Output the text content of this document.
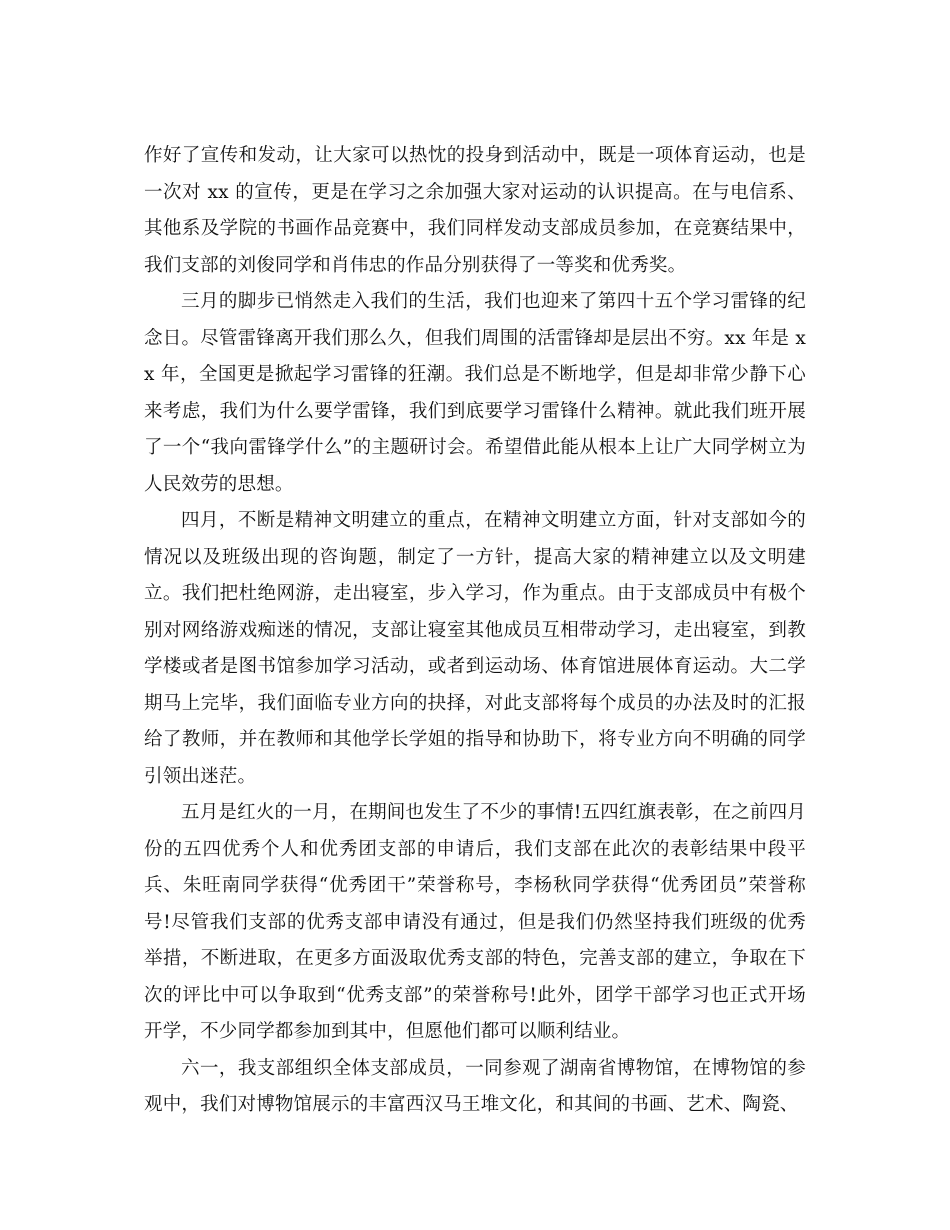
作好了宣传和发动，让大家可以热忱的投身到活动中，既是一项体育运动，也是一次对 xx 的宣传，更是在学习之余加强大家对运动的认识提高。在与电信系、其他系及学院的书画作品竞赛中，我们同样发动支部成员参加，在竞赛结果中，我们支部的刘俊同学和肖伟忠的作品分别获得了一等奖和优秀奖。

三月的脚步已悄然走入我们的生活，我们也迎来了第四十五个学习雷锋的纪念日。尽管雷锋离开我们那么久，但我们周围的活雷锋却是层出不穷。xx 年是 xx 年，全国更是掀起学习雷锋的狂潮。我们总是不断地学，但是却非常少静下心来考虑，我们为什么要学雷锋，我们到底要学习雷锋什么精神。就此我们班开展了一个“我向雷锋学什么”的主题研讨会。希望借此能从根本上让广大同学树立为人民效劳的思想。

四月，不断是精神文明建立的重点，在精神文明建立方面，针对支部如今的情况以及班级出现的咨询题，制定了一方针，提高大家的精神建立以及文明建立。我们把杜绝网游，走出寝室，步入学习，作为重点。由于支部成员中有极个别对网络游戏痴迷的情况，支部让寝室其他成员互相带动学习，走出寝室，到教学楼或者是图书馆参加学习活动，或者到运动场、体育馆进展体育运动。大二学期马上完毕，我们面临专业方向的抉择，对此支部将每个成员的办法及时的汇报给了教师，并在教师和其他学长学姐的指导和协助下，将专业方向不明确的同学引领出迷茫。

五月是红火的一月，在期间也发生了不少的事情!五四红旗表彰，在之前四月份的五四优秀个人和优秀团支部的申请后，我们支部在此次的表彰结果中段平兵、朱旺南同学获得“优秀团干”荣誉称号，李杨秋同学获得“优秀团员”荣誉称号!尽管我们支部的优秀支部申请没有通过，但是我们仍然坚持我们班级的优秀举措，不断进取，在更多方面汲取优秀支部的特色，完善支部的建立，争取在下次的评比中可以争取到“优秀支部”的荣誉称号!此外，团学干部学习也正式开场开学，不少同学都参加到其中，但愿他们都可以顺利结业。

六一，我支部组织全体支部成员，一同参观了湖南省博物馆，在博物馆的参观中，我们对博物馆展示的丰富西汉马王堆文化，和其间的书画、艺术、陶瓷、
